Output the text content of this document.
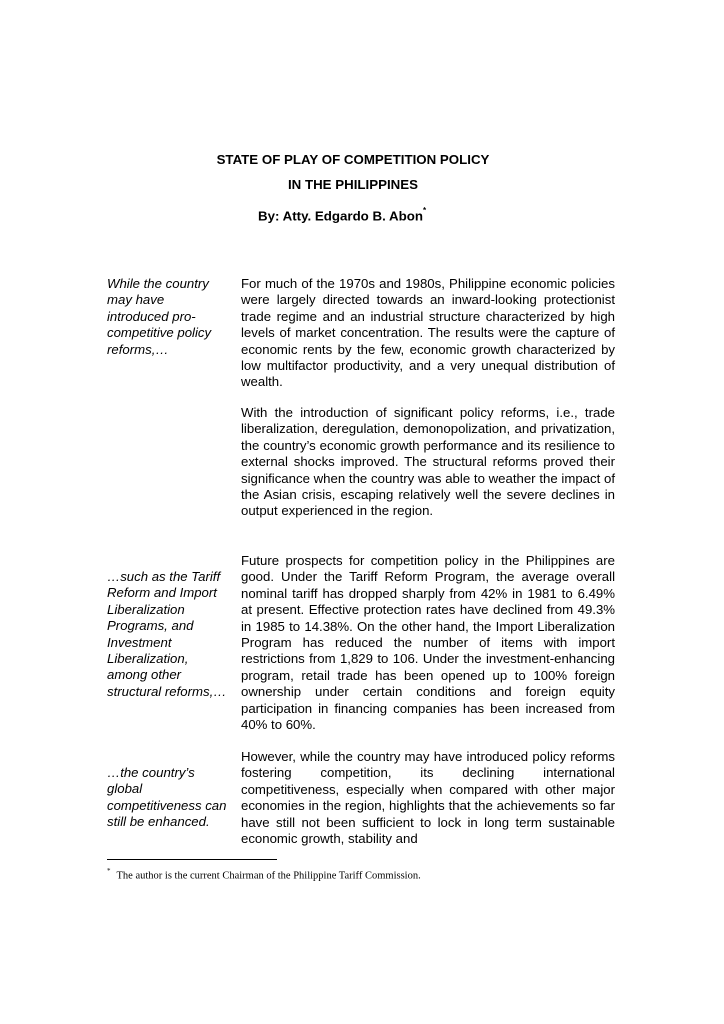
STATE OF PLAY OF COMPETITION POLICY
IN THE PHILIPPINES

By: Atty. Edgardo B. Abon*

While the country may have introduced pro-competitive policy reforms,…

…such as the Tariff Reform and Import Liberalization Programs, and Investment Liberalization, among other structural reforms,…

…the country’s global competitiveness can still be enhanced.

For much of the 1970s and 1980s, Philippine economic policies were largely directed towards an inward-looking protectionist trade regime and an industrial structure characterized by high levels of market concentration. The results were the capture of economic rents by the few, economic growth characterized by low multifactor productivity, and a very unequal distribution of wealth.

With the introduction of significant policy reforms, i.e., trade liberalization, deregulation, demonopolization, and privatization, the country’s economic growth performance and its resilience to external shocks improved. The structural reforms proved their significance when the country was able to weather the impact of the Asian crisis, escaping relatively well the severe declines in output experienced in the region.

Future prospects for competition policy in the Philippines are good. Under the Tariff Reform Program, the average overall nominal tariff has dropped sharply from 42% in 1981 to 6.49% at present. Effective protection rates have declined from 49.3% in 1985 to 14.38%. On the other hand, the Import Liberalization Program has reduced the number of items with import restrictions from 1,829 to 106. Under the investment-enhancing program, retail trade has been opened up to 100% foreign ownership under certain conditions and foreign equity participation in financing companies has been increased from 40% to 60%.

However, while the country may have introduced policy reforms fostering competition, its declining international competitiveness, especially when compared with other major economies in the region, highlights that the achievements so far have still not been sufficient to lock in long term sustainable economic growth, stability and

* The author is the current Chairman of the Philippine Tariff Commission.
